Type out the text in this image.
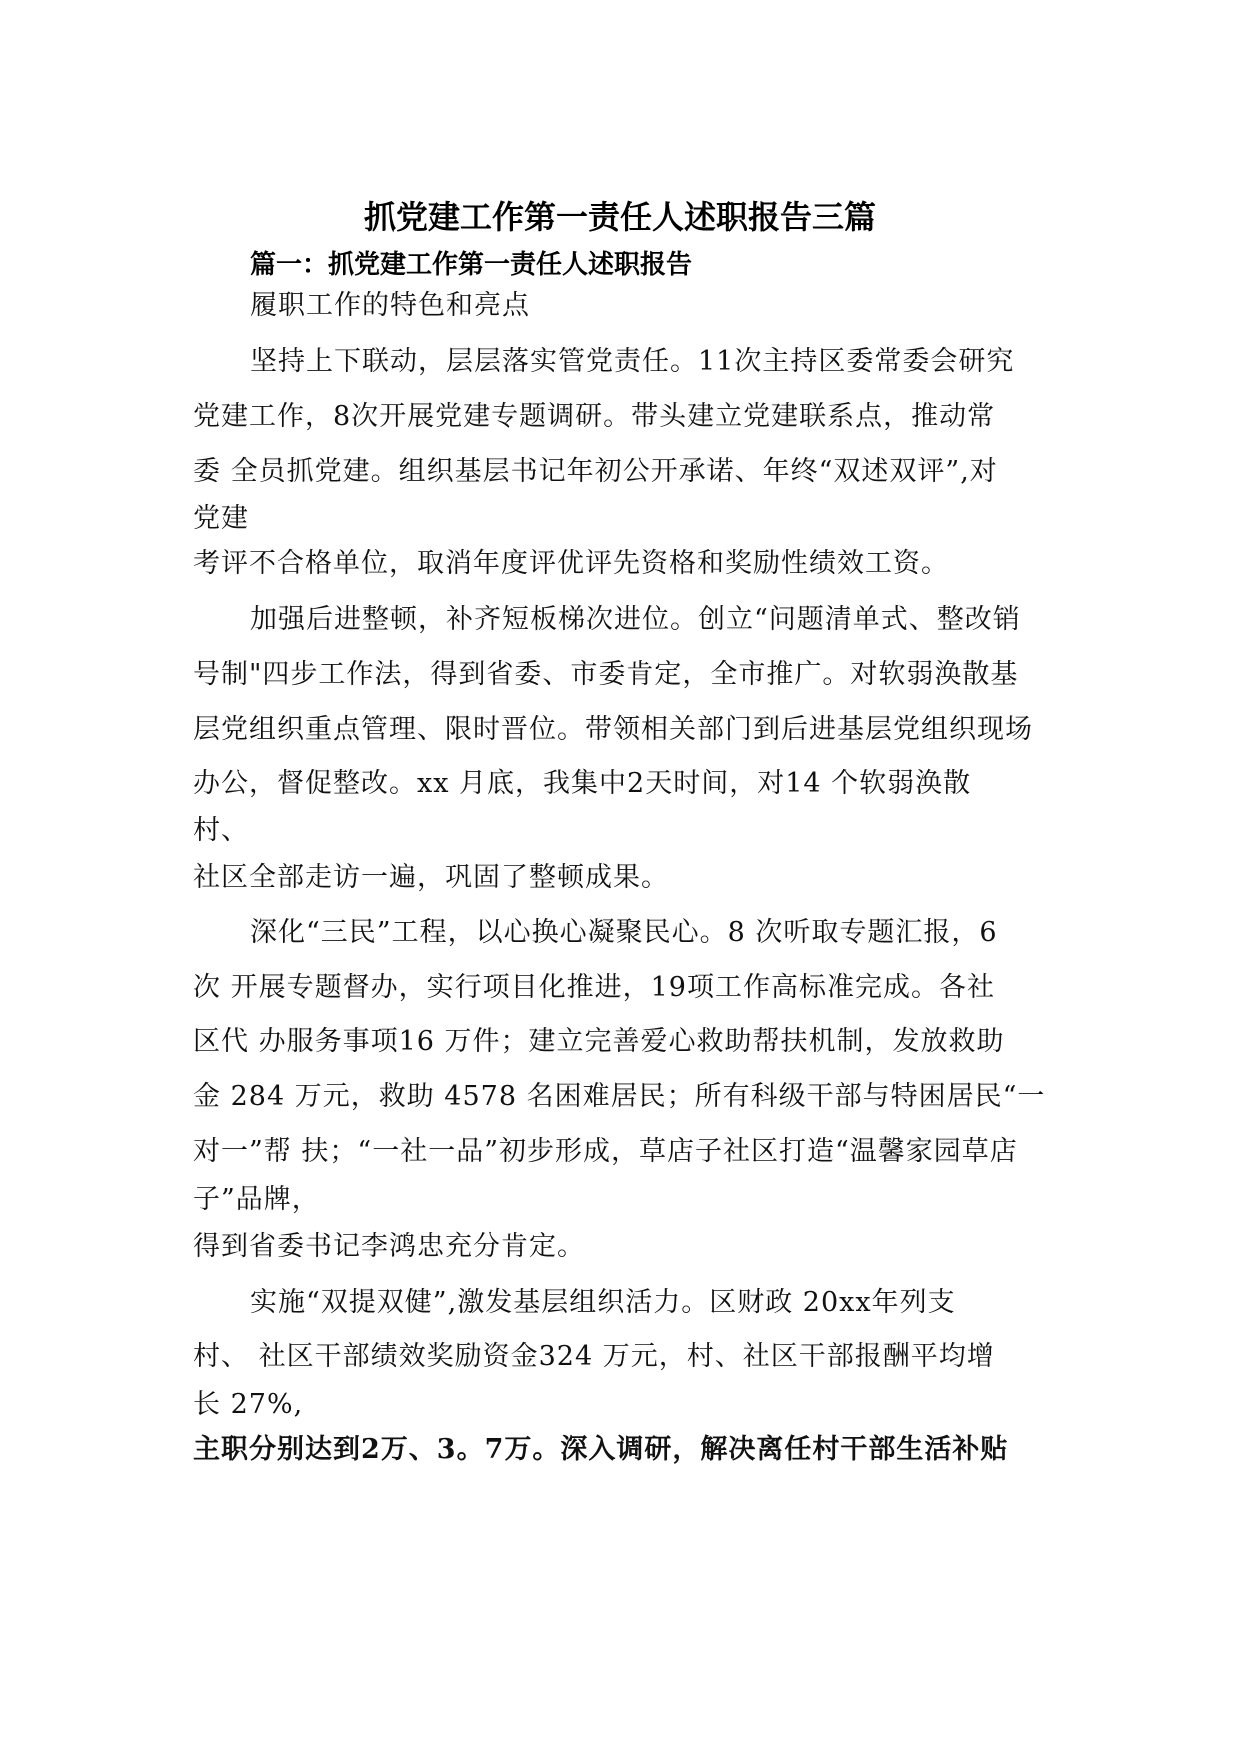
抓党建工作第一责任人述职报告三篇
篇一：抓党建工作第一责任人述职报告
履职工作的特色和亮点
坚持上下联动，层层落实管党责任。11次主持区委常委会研究
党建工作，8次开展党建专题调研。带头建立党建联系点，推动常
委 全员抓党建。组织基层书记年初公开承诺、年终“双述双评”,对
党建
考评不合格单位，取消年度评优评先资格和奖励性绩效工资。
加强后进整顿，补齐短板梯次进位。创立“问题清单式、整改销
号制"四步工作法，得到省委、市委肯定，全市推广。对软弱涣散基
层党组织重点管理、限时晋位。带领相关部门到后进基层党组织现场
办公，督促整改。xx 月底，我集中2天时间，对14 个软弱涣散
村、
社区全部走访一遍，巩固了整顿成果。
深化“三民”工程，以心换心凝聚民心。8 次听取专题汇报，6
次 开展专题督办，实行项目化推进，19项工作高标准完成。各社
区代 办服务事项16 万件；建立完善爱心救助帮扶机制，发放救助
金 284 万元，救助 4578 名困难居民；所有科级干部与特困居民“一
对一”帮 扶；“一社一品”初步形成，草店子社区打造“温馨家园草店
子”品牌，
得到省委书记李鸿忠充分肯定。
实施“双提双健”,激发基层组织活力。区财政 20xx年列支
村、 社区干部绩效奖励资金324 万元，村、社区干部报酬平均增
长 27%,
主职分别达到2万、3。7万。深入调研，解决离任村干部生活补贴
